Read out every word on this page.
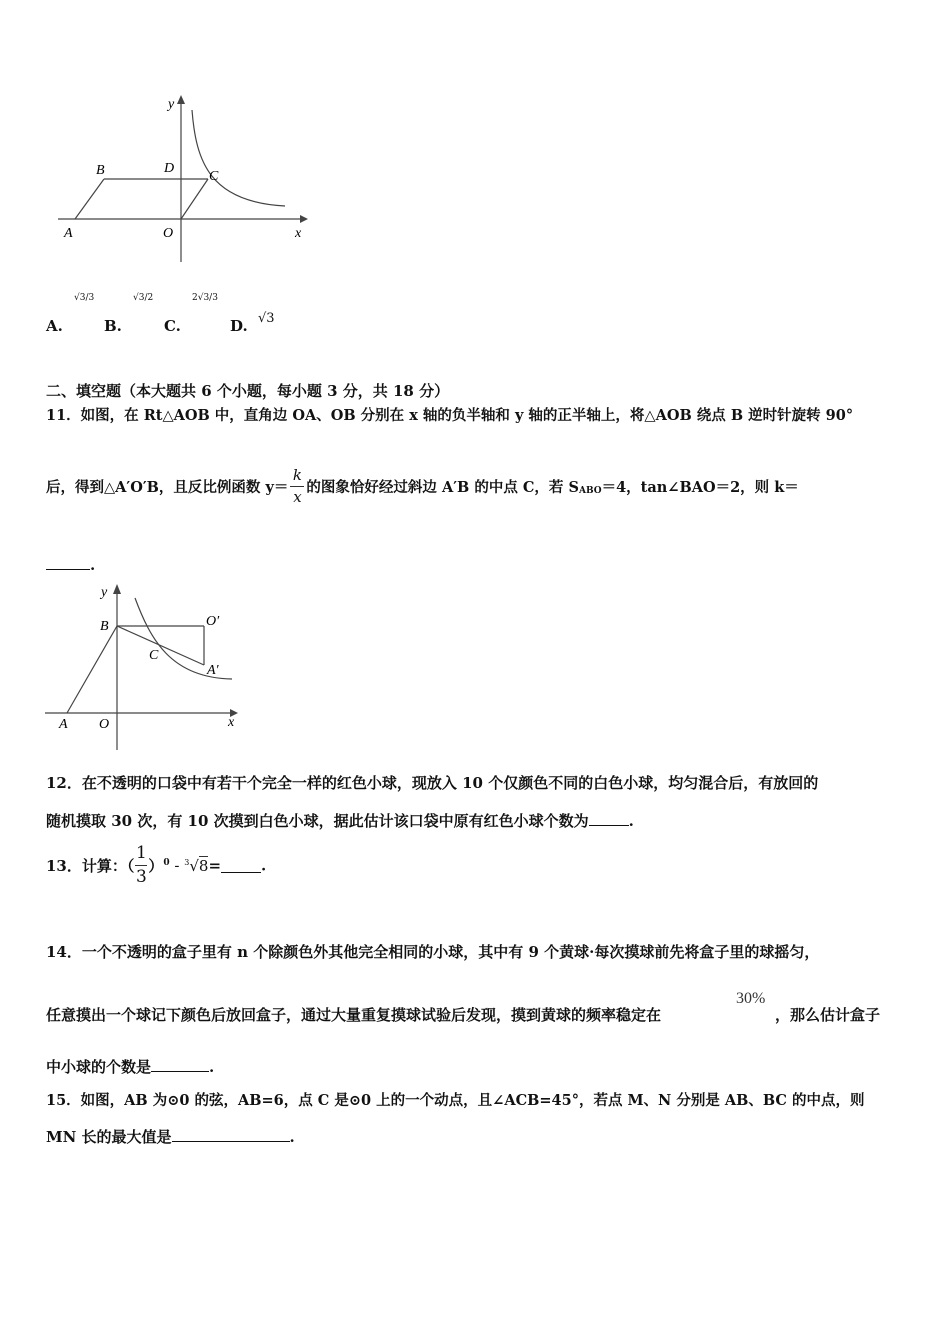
y
x
A
B	D
C
O
A.
√3/3
B.
√3/2
C.
2√3/3
D. √3
二、填空题（本大题共 6 个小题，每小题 3 分，共 18 分）
11．如图，在 Rt△AOB 中，直角边 OA、OB 分别在 x 轴的负半轴和 y 轴的正半轴上，将△AOB 绕点 B 逆时针旋转 90°
后，得到△A′O′B，且反比例函数 $y= \frac{k}{x}$ 的图象恰好经过斜边 A′B 的中点 C，若 $S_{ABO}=4$，tan∠BAO＝2，则 k＝
.
y
x
A
B
C
O
O′
A′
12．在不透明的口袋中有若干个完全一样的红色小球，现放入 10 个仅颜色不同的白色小球，均匀混合后，有放回的
随机摸取 30 次，有 10 次摸到白色小球，据此估计该口袋中原有红色小球个数为	.
13．计算：（ $\frac{1}{3} )^0 - ^3√8=$	.
14．一个不透明的盒子里有 n 个除颜色外其他完全相同的小球，其中有 9 个黄球·每次摸球前先将盒子里的球摇匀，
任意摸出一个球记下颜色后放回盒子，通过大量重复摸球试验后发现，摸到黄球的频率稳定在
30%
，那么估计盒子
中小球的个数是	.
15．如图，AB 为⊙0 的弦，AB=6，点 C 是⊙0 上的一个动点，且∠ACB=45°，若点 M、N 分别是 AB、BC 的中点，则
MN 长的最大值是	.
